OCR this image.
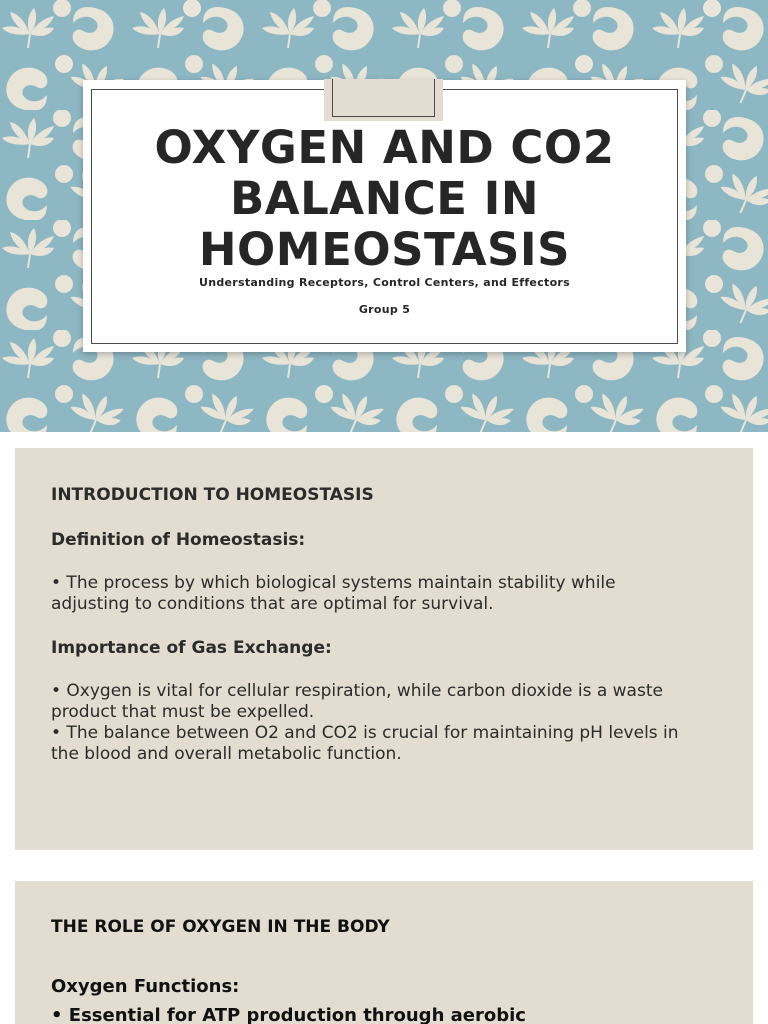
OXYGEN AND CO2 BALANCE IN HOMEOSTASIS
Understanding Receptors, Control Centers, and Effectors
Group 5
INTRODUCTION TO HOMEOSTASIS
Definition of Homeostasis:
• The process by which biological systems maintain stability while adjusting to conditions that are optimal for survival.
Importance of Gas Exchange:
• Oxygen is vital for cellular respiration, while carbon dioxide is a waste product that must be expelled.
• The balance between O2 and CO2 is crucial for maintaining pH levels in the blood and overall metabolic function.
THE ROLE OF OXYGEN IN THE BODY
Oxygen Functions:
• Essential for ATP production through aerobic
